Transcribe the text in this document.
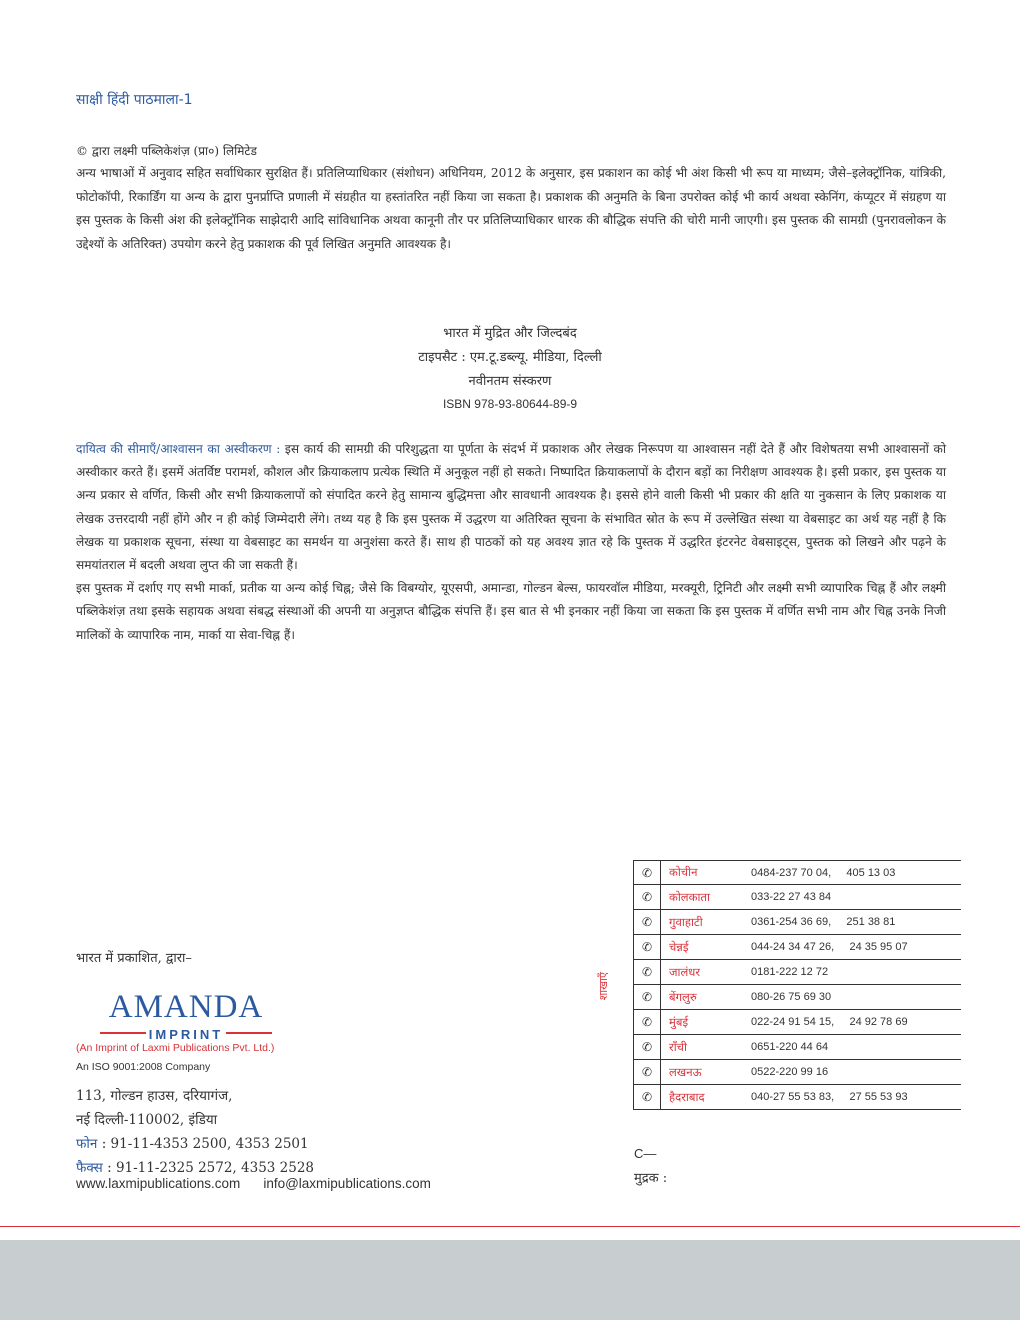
साक्षी हिंदी पाठमाला-1
© द्वारा लक्ष्मी पब्लिकेशंज़ (प्रा०) लिमिटेड
अन्य भाषाओं में अनुवाद सहित सर्वाधिकार सुरक्षित हैं। प्रतिलिप्याधिकार (संशोधन) अधिनियम, 2012 के अनुसार, इस प्रकाशन का कोई भी अंश किसी भी रूप या माध्यम; जैसे–इलेक्ट्रॉनिक, यांत्रिकी, फोटोकॉपी, रिकार्डिंग या अन्य के द्वारा पुनर्प्राप्ति प्रणाली में संग्रहीत या हस्तांतरित नहीं किया जा सकता है। प्रकाशक की अनुमति के बिना उपरोक्त कोई भी कार्य अथवा स्केनिंग, कंप्यूटर में संग्रहण या इस पुस्तक के किसी अंश की इलेक्ट्रॉनिक साझेदारी आदि सांविधानिक अथवा कानूनी तौर पर प्रतिलिप्याधिकार धारक की बौद्धिक संपत्ति की चोरी मानी जाएगी। इस पुस्तक की सामग्री (पुनरावलोकन के उद्देश्यों के अतिरिक्त) उपयोग करने हेतु प्रकाशक की पूर्व लिखित अनुमति आवश्यक है।
भारत में मुद्रित और जिल्दबंद
टाइपसैट : एम.टू.डब्ल्यू. मीडिया, दिल्ली
नवीनतम संस्करण
ISBN 978-93-80644-89-9

दायित्व की सीमाएँ/आश्वासन का अस्वीकरण : इस कार्य की सामग्री की परिशुद्धता या पूर्णता के संदर्भ में प्रकाशक और लेखक निरूपण या आश्वासन नहीं देते हैं और विशेषतया सभी आश्वासनों को अस्वीकार करते हैं। इसमें अंतर्विष्ट परामर्श, कौशल और क्रियाकलाप प्रत्येक स्थिति में अनुकूल नहीं हो सकते। निष्पादित क्रियाकलापों के दौरान बड़ों का निरीक्षण आवश्यक है। इसी प्रकार, इस पुस्तक या अन्य प्रकार से वर्णित, किसी और सभी क्रियाकलापों को संपादित करने हेतु सामान्य बुद्धिमत्ता और सावधानी आवश्यक है। इससे होने वाली किसी भी प्रकार की क्षति या नुकसान के लिए प्रकाशक या लेखक उत्तरदायी नहीं होंगे और न ही कोई जिम्मेदारी लेंगे। तथ्य यह है कि इस पुस्तक में उद्धरण या अतिरिक्त सूचना के संभावित स्रोत के रूप में उल्लेखित संस्था या वेबसाइट का अर्थ यह नहीं है कि लेखक या प्रकाशक सूचना, संस्था या वेबसाइट का समर्थन या अनुशंसा करते हैं। साथ ही पाठकों को यह अवश्य ज्ञात रहे कि पुस्तक में उद्धरित इंटरनेट वेबसाइट्स, पुस्तक को लिखने और पढ़ने के समयांतराल में बदली अथवा लुप्त की जा सकती हैं।

इस पुस्तक में दर्शाए गए सभी मार्का, प्रतीक या अन्य कोई चिह्न; जैसे कि विबग्योर, यूएसपी, अमान्डा, गोल्डन बेल्स, फायरवॉल मीडिया, मरक्यूरी, ट्रिनिटी और लक्ष्मी सभी व्यापारिक चिह्न हैं और लक्ष्मी पब्लिकेशंज़ तथा इसके सहायक अथवा संबद्ध संस्थाओं की अपनी या अनुज्ञप्त बौद्धिक संपत्ति हैं। इस बात से भी इनकार नहीं किया जा सकता कि इस पुस्तक में वर्णित सभी नाम और चिह्न उनके निजी मालिकों के व्यापारिक नाम, मार्का या सेवा-चिह्न हैं।

भारत में प्रकाशित, द्वारा–
AMANDA
IMPRINT
(An Imprint of Laxmi Publications Pvt. Ltd.)
An ISO 9001:2008 Company
113, गोल्डन हाउस, दरियागंज,
नई दिल्ली-110002, इंडिया
फोन : 91-11-4353 2500, 4353 2501
फैक्स : 91-11-2325 2572, 4353 2528
www.laxmipublications.com info@laxmipublications.com
शाखाएँ
✆	कोचीन	0484-237 70 04,     405 13 03
✆	कोलकाता	033-22 27 43 84
✆	गुवाहाटी	0361-254 36 69,     251 38 81
✆	चेन्नई	044-24 34 47 26,     24 35 95 07
✆	जालंधर	0181-222 12 72
✆	बेंगलुरु	080-26 75 69 30
✆	मुंबई	022-24 91 54 15,     24 92 78 69
✆	राँची	0651-220 44 64
✆	लखनऊ	0522-220 99 16
✆	हैदराबाद	040-27 55 53 83,     27 55 53 93
C—
मुद्रक :
